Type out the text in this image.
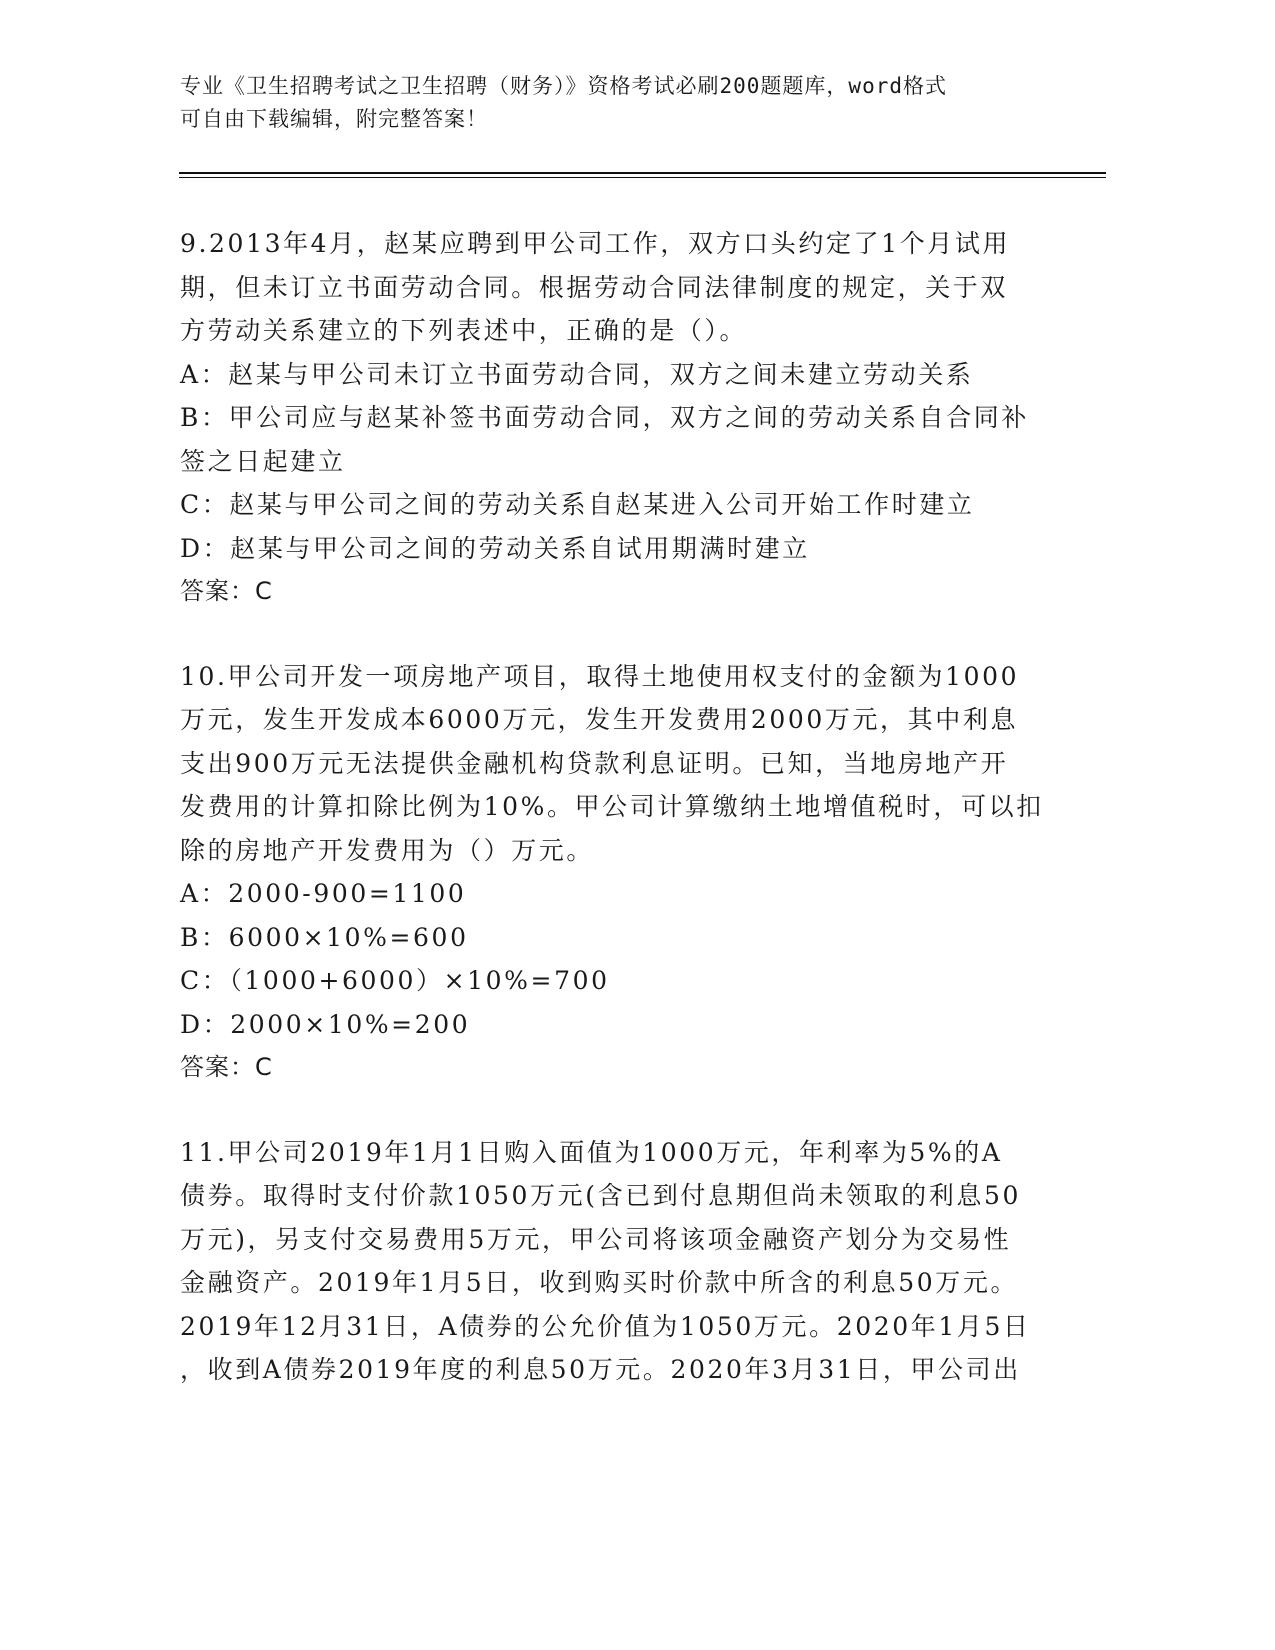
专业《卫生招聘考试之卫生招聘（财务）》资格考试必刷200题题库，word格式
可自由下载编辑，附完整答案！
9.2013年4月，赵某应聘到甲公司工作，双方口头约定了1个月试用
期，但未订立书面劳动合同。根据劳动合同法律制度的规定，关于双
方劳动关系建立的下列表述中，正确的是（）。
A：赵某与甲公司未订立书面劳动合同，双方之间未建立劳动关系
B：甲公司应与赵某补签书面劳动合同，双方之间的劳动关系自合同补
签之日起建立
C：赵某与甲公司之间的劳动关系自赵某进入公司开始工作时建立
D：赵某与甲公司之间的劳动关系自试用期满时建立
答案：C
10.甲公司开发一项房地产项目，取得土地使用权支付的金额为1000
万元，发生开发成本6000万元，发生开发费用2000万元，其中利息
支出900万元无法提供金融机构贷款利息证明。已知，当地房地产开
发费用的计算扣除比例为10%。甲公司计算缴纳土地增值税时，可以扣
除的房地产开发费用为（）万元。
A：2000-900=1100
B：6000×10%=600
C：（1000+6000）×10%=700
D：2000×10%=200
答案：C
11.甲公司2019年1月1日购入面值为1000万元，年利率为5%的A
债券。取得时支付价款1050万元(含已到付息期但尚未领取的利息50
万元)，另支付交易费用5万元，甲公司将该项金融资产划分为交易性
金融资产。2019年1月5日，收到购买时价款中所含的利息50万元。
2019年12月31日，A债券的公允价值为1050万元。2020年1月5日
，收到A债券2019年度的利息50万元。2020年3月31日，甲公司出
